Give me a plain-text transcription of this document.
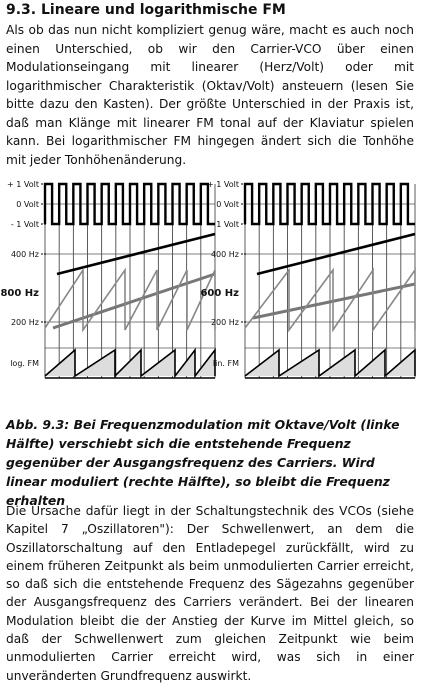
9.3. Lineare und logarithmische FM
Als ob das nun nicht kompliziert genug wäre, macht es auch noch einen Unterschied, ob wir den Carrier-VCO über einen Modulationseingang mit linearer (Herz/Volt) oder mit logarithmischer Charakteristik (Oktav/Volt) ansteuern (lesen Sie bitte dazu den Kasten). Der größte Unterschied in der Praxis ist, daß man Klänge mit linearer FM tonal auf der Klaviatur spielen kann. Bei logarithmischer FM hingegen ändert sich die Tonhöhe mit jeder Tonhöhenänderung.
+ 1 Volt
0 Volt
- 1 Volt
400 Hz
800 Hz
200 Hz
log. FM
+ 1 Volt
0 Volt
- 1 Volt
400 Hz
600 Hz
200 Hz
lin. FM
Abb. 9.3: Bei Frequenzmodulation mit Oktave/Volt (linke Hälfte) verschiebt sich die entstehende Frequenz gegenüber der Ausgangsfrequenz des Carriers. Wird linear moduliert (rechte Hälfte), so bleibt die Frequenz erhalten
Die Ursache dafür liegt in der Schaltungstechnik des VCOs (siehe Kapitel 7 „Oszillatoren"): Der Schwellenwert, an dem die Oszillatorschaltung auf den Entladepegel zurückfällt, wird zu einem früheren Zeitpunkt als beim unmodulierten Carrier erreicht, so daß sich die entstehende Frequenz des Sägezahns gegenüber der Ausgangsfrequenz des Carriers verändert. Bei der linearen Modulation bleibt die der Anstieg der Kurve im Mittel gleich, so daß der Schwellenwert zum gleichen Zeitpunkt wie beim unmodulierten Carrier erreicht wird, was sich in einer unveränderten Grundfrequenz auswirkt.
